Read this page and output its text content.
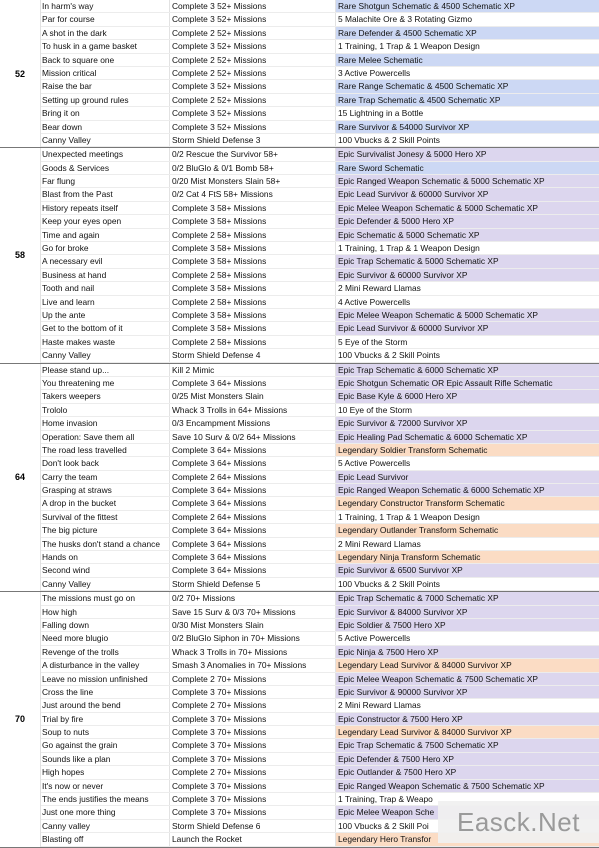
52
In harm's way	Complete 3 52+ Missions	Rare Shotgun Schematic & 4500 Schematic XP
Par for course	Complete 3 52+ Missions	5 Malachite Ore & 3 Rotating Gizmo
A shot in the dark	Complete 2 52+ Missions	Rare Defender & 4500 Schematic XP
To husk in a game basket	Complete 3 52+ Missions	1 Training, 1 Trap & 1 Weapon Design
Back to square one	Complete 2 52+ Missions	Rare Melee Schematic
Mission critical	Complete 2 52+ Missions	3 Active Powercells
Raise the bar	Complete 3 52+ Missions	Rare Range Schematic & 4500 Schematic XP
Setting up ground rules	Complete 2 52+ Missions	Rare Trap Schematic & 4500 Schematic XP
Bring it on	Complete 3 52+ Missions	15 Lightning in a Bottle
Bear down	Complete 3 52+ Missions	Rare Survivor & 54000 Survivor XP
Canny Valley	Storm Shield Defense 3	100 Vbucks & 2 Skill Points
58
Unexpected meetings	0/2 Rescue the Survivor 58+	Epic Survivalist Jonesy & 5000 Hero XP
Goods & Services	0/2 BluGlo & 0/1 Bomb 58+	Rare Sword Schematic
Far flung	0/20 Mist Monsters Slain 58+	Epic Ranged Weapon Schematic & 5000 Schematic XP
Blast from the Past	0/2 Cat 4 FtS 58+ Missions	Epic Lead Survivor & 60000 Survivor XP
History repeats itself	Complete 3 58+ Missions	Epic Melee Weapon Schematic & 5000 Schematic XP
Keep your eyes open	Complete 3 58+ Missions	Epic Defender & 5000 Hero XP
Time and again	Complete 2 58+ Missions	Epic Schematic & 5000 Schematic XP
Go for broke	Complete 3 58+ Missions	1 Training, 1 Trap & 1 Weapon Design
A necessary evil	Complete 3 58+ Missions	Epic Trap Schematic & 5000 Schematic XP
Business at hand	Complete 2 58+ Missions	Epic Survivor & 60000 Survivor XP
Tooth and nail	Complete 3 58+ Missions	2 Mini Reward Llamas
Live and learn	Complete 2 58+ Missions	4 Active Powercells
Up the ante	Complete 3 58+ Missions	Epic Melee Weapon Schematic & 5000 Schematic XP
Get to the bottom of it	Complete 3 58+ Missions	Epic Lead Survivor & 60000 Survivor XP
Haste makes waste	Complete 2 58+ Missions	5 Eye of the Storm
Canny Valley	Storm Shield Defense 4	100 Vbucks & 2 Skill Points
64
Please stand up...	Kill 2 Mimic	Epic Trap Schematic & 6000 Schematic XP
You threatening me	Complete 3 64+ Missions	Epic Shotgun Schematic OR Epic Assault Rifle Schematic
Takers weepers	0/25 Mist Monsters Slain	Epic Base Kyle & 6000 Hero XP
Trololo	Whack 3 Trolls in 64+ Missions	10 Eye of the Storm
Home invasion	0/3 Encampment Missions	Epic Survivor & 72000 Survivor XP
Operation: Save them all	Save 10 Surv & 0/2 64+ Missions	Epic Healing Pad Schematic & 6000 Schematic XP
The road less travelled	Complete 3 64+ Missions	Legendary Soldier Transform Schematic
Don't look back	Complete 3 64+ Missions	5 Active Powercells
Carry the team	Complete 2 64+ Missions	Epic Lead Survivor
Grasping at straws	Complete 3 64+ Missions	Epic Ranged Weapon Schematic & 6000 Schematic XP
A drop in the bucket	Complete 3 64+ Missions	Legendary Constructor Transform Schematic
Survival of the fittest	Complete 2 64+ Missions	1 Training, 1 Trap & 1 Weapon Design
The big picture	Complete 3 64+ Missions	Legendary Outlander Transform Schematic
The husks don't stand a chance	Complete 3 64+ Missions	2 Mini Reward Llamas
Hands on	Complete 3 64+ Missions	Legendary Ninja Transform Schematic
Second wind	Complete 3 64+ Missions	Epic Survivor & 6500 Survivor XP
Canny Valley	Storm Shield Defense 5	100 Vbucks & 2 Skill Points
70
The missions must go on	0/2 70+ Missions	Epic Trap Schematic & 7000 Schematic XP
How high	Save 15 Surv & 0/3 70+ Missions	Epic Survivor & 84000 Survivor XP
Falling down	0/30 Mist Monsters Slain	Epic Soldier & 7500 Hero XP
Need more blugio	0/2 BluGlo Siphon in 70+ Missions	5 Active Powercells
Revenge of the trolls	Whack 3 Trolls in 70+ Missions	Epic Ninja & 7500 Hero XP
A disturbance in the valley	Smash 3 Anomalies in 70+ Missions	Legendary Lead Survivor & 84000 Survivor XP
Leave no mission unfinished	Complete 2 70+ Missions	Epic Melee Weapon Schematic & 7500 Schematic XP
Cross the line	Complete 3 70+ Missions	Epic Survivor & 90000 Survivor XP
Just around the bend	Complete 2 70+ Missions	2 Mini Reward Llamas
Trial by fire	Complete 3 70+ Missions	Epic Constructor & 7500 Hero XP
Soup to nuts	Complete 3 70+ Missions	Legendary Lead Survivor & 84000 Survivor XP
Go against the grain	Complete 3 70+ Missions	Epic Trap Schematic & 7500 Schematic XP
Sounds like a plan	Complete 3 70+ Missions	Epic Defender & 7500 Hero XP
High hopes	Complete 2 70+ Missions	Epic Outlander & 7500 Hero XP
It's now or never	Complete 3 70+ Missions	Epic Ranged Weapon Schematic & 7500 Schematic XP
The ends justifies the means	Complete 3 70+ Missions	1 Training, Trap & Weapo
Just one more thing	Complete 3 70+ Missions	Epic Melee Weapon Sche
Canny valley	Storm Shield Defense 6	100 Vbucks & 2 Skill Poi
Blasting off	Launch the Rocket	Legendary Hero Transfor
Easck.Net
